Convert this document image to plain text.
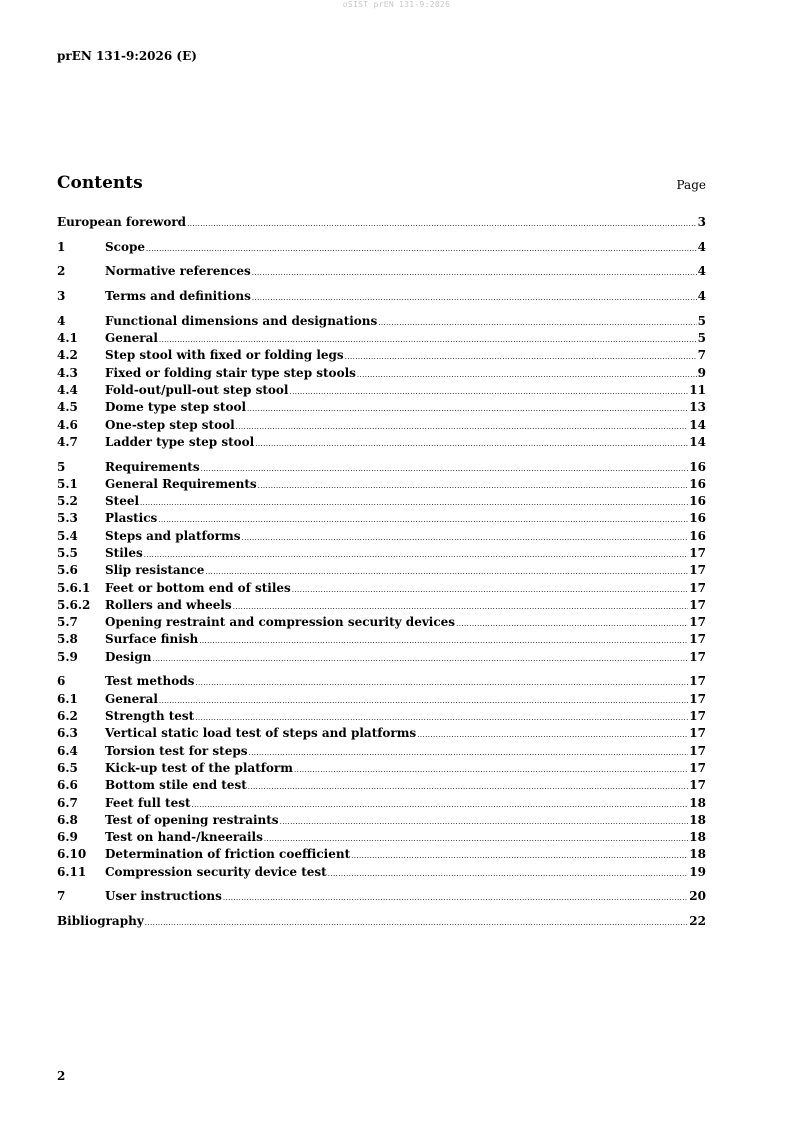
oSIST prEN 131-9:2026
prEN 131-9:2026 (E)
Contents	Page
European foreword .....	3
1	Scope .....	4
2	Normative references .....	4
3	Terms and definitions .....	4
4	Functional dimensions and designations .....	5
4.1	General .....	5
4.2	Step stool with fixed or folding legs .....	7
4.3	Fixed or folding stair type step stools .....	9
4.4	Fold-out/pull-out step stool .....	11
4.5	Dome type step stool .....	13
4.6	One-step step stool .....	14
4.7	Ladder type step stool .....	14
5	Requirements .....	16
5.1	General Requirements .....	16
5.2	Steel .....	16
5.3	Plastics .....	16
5.4	Steps and platforms .....	16
5.5	Stiles .....	17
5.6	Slip resistance .....	17
5.6.1	Feet or bottom end of stiles .....	17
5.6.2	Rollers and wheels .....	17
5.7	Opening restraint and compression security devices .....	17
5.8	Surface finish .....	17
5.9	Design .....	17
6	Test methods .....	17
6.1	General .....	17
6.2	Strength test .....	17
6.3	Vertical static load test of steps and platforms .....	17
6.4	Torsion test for steps .....	17
6.5	Kick-up test of the platform .....	17
6.6	Bottom stile end test .....	17
6.7	Feet full test .....	18
6.8	Test of opening restraints .....	18
6.9	Test on hand-/kneerails .....	18
6.10	Determination of friction coefficient .....	18
6.11	Compression security device test .....	19
7	User instructions .....	20
Bibliography .....	22
2
